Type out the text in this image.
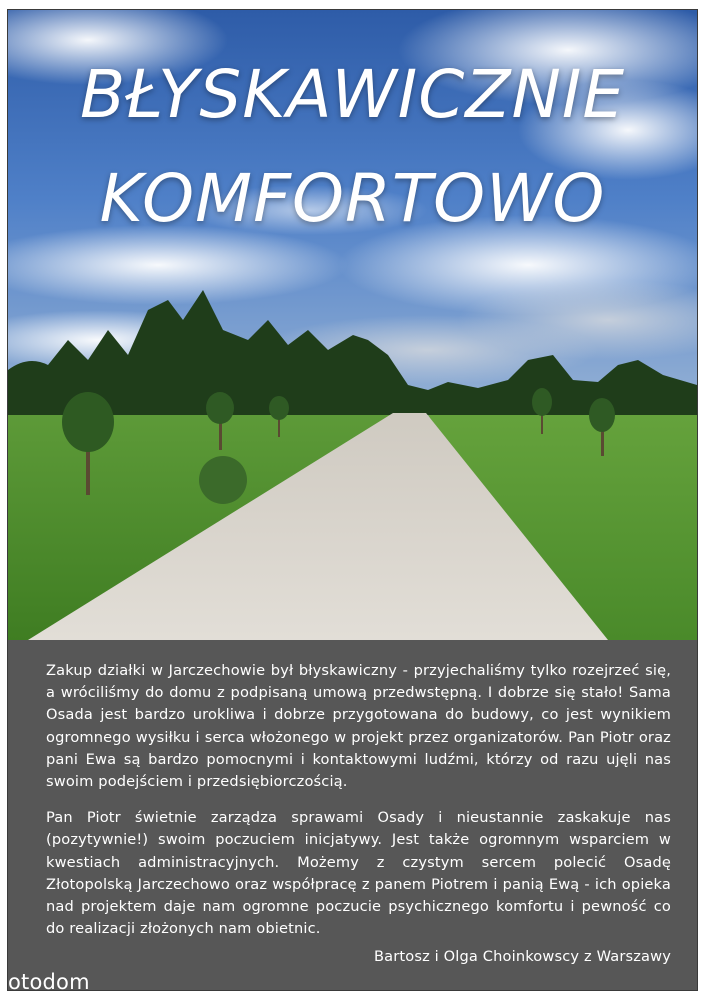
BŁYSKAWICZNIE
KOMFORTOWO

Zakup działki w Jarczechowie był błyskawiczny - przyjechaliśmy tylko rozejrzeć się, a wróciliśmy do domu z podpisaną umową przedwstępną. I dobrze się stało! Sama Osada jest bardzo urokliwa i dobrze przygotowana do budowy, co jest wynikiem ogromnego wysiłku i serca włożonego w projekt przez organizatorów. Pan Piotr oraz pani Ewa są bardzo pomocnymi i kontaktowymi ludźmi, którzy od razu ujęli nas swoim podejściem i przedsiębiorczością.

Pan Piotr świetnie zarządza sprawami Osady i nieustannie zaskakuje nas (pozytywnie!) swoim poczuciem inicjatywy. Jest także ogromnym wsparciem w kwestiach administracyjnych. Możemy z czystym sercem polecić Osadę Złotopolską Jarczechowo oraz współpracę z panem Piotrem i panią Ewą - ich opieka nad projektem daje nam ogromne poczucie psychicznego komfortu i pewność co do realizacji złożonych nam obietnic.

Bartosz i Olga Choinkowscy z Warszawy

otodom
